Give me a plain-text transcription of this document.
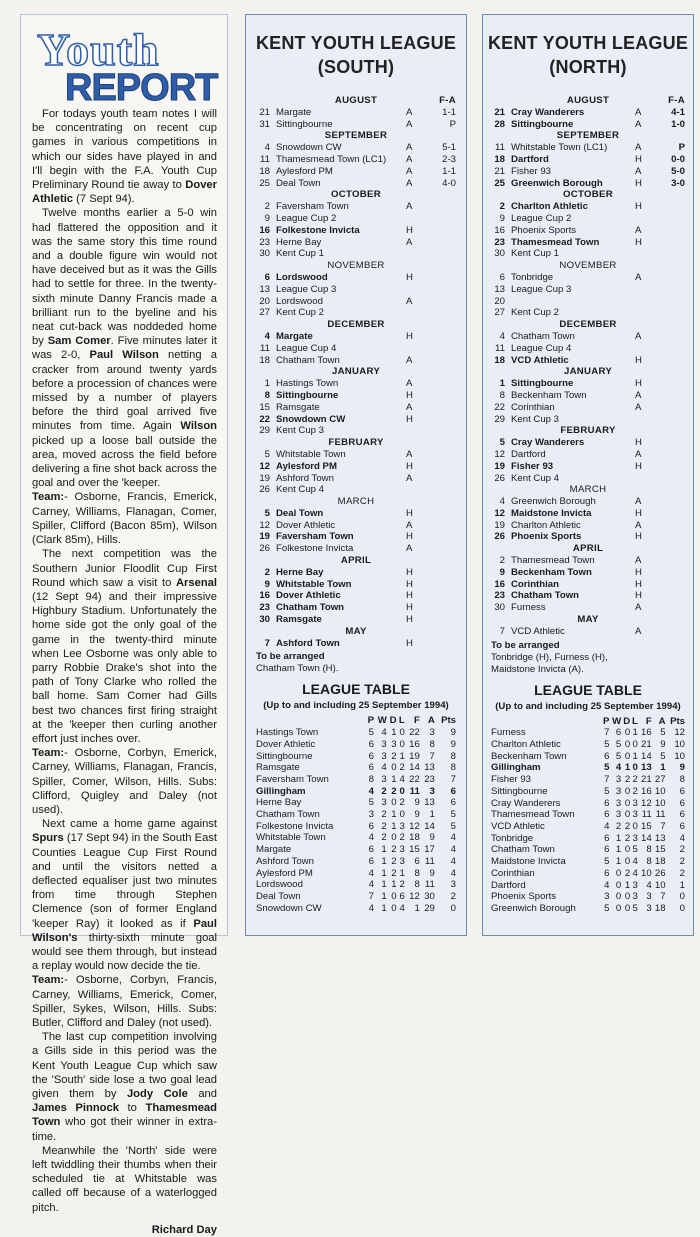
Youth
REPORT

For todays youth team notes I will be concentrating on recent cup games in various competitions in which our sides have played in and I'll begin with the F.A. Youth Cup Preliminary Round tie away to Dover Athletic (7 Sept 94).

Twelve months earlier a 5-0 win had flattered the opposition and it was the same story this time round and a double figure win would not have deceived but as it was the Gills had to settle for three. In the twenty-sixth minute Danny Francis made a brilliant run to the byeline and his neat cut-back was noddeded home by Sam Comer. Five minutes later it was 2-0, Paul Wilson netting a cracker from around twenty yards before a procession of chances were missed by a number of players before the third goal arrived five minutes from time. Again Wilson picked up a loose ball outside the area, moved across the field before delivering a fine shot back across the goal and over the 'keeper.

Team:- Osborne, Francis, Emerick, Carney, Williams, Flanagan, Comer, Spiller, Clifford (Bacon 85m), Wilson (Clark 85m), Hills.

The next competition was the Southern Junior Floodlit Cup First Round which saw a visit to Arsenal (12 Sept 94) and their impressive Highbury Stadium. Unfortunately the home side got the only goal of the game in the twenty-third minute when Lee Osborne was only able to parry Robbie Drake's shot into the path of Tony Clarke who rolled the ball home. Sam Comer had Gills best two chances first firing straight at the 'keeper then curling another effort just inches over.

Team:- Osborne, Corbyn, Emerick, Carney, Williams, Flanagan, Francis, Spiller, Comer, Wilson, Hills. Subs: Clifford, Quigley and Daley (not used).

Next came a home game against Spurs (17 Sept 94) in the South East Counties League Cup First Round and until the visitors netted a deflected equaliser just two minutes from time through Stephen Clemence (son of former England 'keeper Ray) it looked as if Paul Wilson's thirty-sixth minute goal would see them through, but instead a replay would now decide the tie.

Team:- Osborne, Corbyn, Francis, Carney, Williams, Emerick, Comer, Spiller, Sykes, Wilson, Hills. Subs: Butler, Clifford and Daley (not used).

The last cup competition involving a Gills side in this period was the Kent Youth League Cup which saw the 'South' side lose a two goal lead given them by Jody Cole and James Pinnock to Thamesmead Town who got their winner in extra-time.

Meanwhile the 'North' side were left twiddling their thumbs when their scheduled tie at Whitstable was called off because of a waterlogged pitch.

Richard Day

KENT YOUTH LEAGUE
(SOUTH)
AUGUST	F-A
21 Margate	A	1-1
31 Sittingbourne	A	P
SEPTEMBER
4 Snowdown CW	A	5-1
11 Thamesmead Town (LC1)	A	2-3
18 Aylesford PM	A	1-1
25 Deal Town	A	4-0
OCTOBER
2 Faversham Town	A
9 League Cup 2
16 Folkestone Invicta	H
23 Herne Bay	A
30 Kent Cup 1
NOVEMBER
6 Lordswood	H
13 League Cup 3
20 Lordswood	A
27 Kent Cup 2
DECEMBER
4 Margate	H
11 League Cup 4
18 Chatham Town	A
JANUARY
1 Hastings Town	A
8 Sittingbourne	H
15 Ramsgate	A
22 Snowdown CW	H
29 Kent Cup 3
FEBRUARY
5 Whitstable Town	A
12 Aylesford PM	H
19 Ashford Town	A
26 Kent Cup 4
MARCH
5 Deal Town	H
12 Dover Athletic	A
19 Faversham Town	H
26 Folkestone Invicta	A
APRIL
2 Herne Bay	H
9 Whitstable Town	H
16 Dover Athletic	H
23 Chatham Town	H
30 Ramsgate	H
MAY
7 Ashford Town	H
To be arranged
Chatham Town (H).
LEAGUE TABLE
(Up to and including 25 September 1994)
	P	W	D	L	F	A	Pts
Hastings Town	5	4	1	0	22	3	9
Dover Athletic	6	3	3	0	16	8	9
Sittingbourne	6	3	2	1	19	7	8
Ramsgate	6	4	0	2	14	13	8
Faversham Town	8	3	1	4	22	23	7
Gillingham	4	2	2	0	11	3	6
Herne Bay	5	3	0	2	9	13	6
Chatham Town	3	2	1	0	9	1	5
Folkestone Invicta	6	2	1	3	12	14	5
Whitstable Town	4	2	0	2	18	9	4
Margate	6	1	2	3	15	17	4
Ashford Town	6	1	2	3	6	11	4
Aylesford PM	4	1	2	1	8	9	4
Lordswood	4	1	1	2	8	11	3
Deal Town	7	1	0	6	12	30	2
Snowdown CW	4	1	0	4	1	29	0
KENT YOUTH LEAGUE
(NORTH)
AUGUST	F-A
21 Cray Wanderers	A	4-1
28 Sittingbourne	A	1-0
SEPTEMBER
11 Whitstable Town (LC1)	A	P
18 Dartford	H	0-0
21 Fisher 93	A	5-0
25 Greenwich Borough	H	3-0
OCTOBER
2 Charlton Athletic	H
9 League Cup 2
16 Phoenix Sports	A
23 Thamesmead Town	H
30 Kent Cup 1
NOVEMBER
6 Tonbridge	A
13 League Cup 3
20
27 Kent Cup 2
DECEMBER
4 Chatham Town	A
11 League Cup 4
18 VCD Athletic	H
JANUARY
1 Sittingbourne	H
8 Beckenham Town	A
22 Corinthian	A
29 Kent Cup 3
FEBRUARY
5 Cray Wanderers	H
12 Dartford	A
19 Fisher 93	H
26 Kent Cup 4
MARCH
4 Greenwich Borough	A
12 Maidstone Invicta	H
19 Charlton Athletic	A
26 Phoenix Sports	H
APRIL
2 Thamesmead Town	A
9 Beckenham Town	H
16 Corinthian	H
23 Chatham Town	H
30 Furness	A
MAY
7 VCD Athletic	A
To be arranged
Tonbridge (H), Furness (H),
Maidstone Invicta (A).
LEAGUE TABLE
(Up to and including 25 September 1994)
	P	W	D	L	F	A	Pts
Furness	7	6	0	1	16	5	12
Charlton Athletic	5	5	0	0	21	9	10
Beckenham Town	6	5	0	1	14	5	10
Gillingham	5	4	1	0	13	1	9
Fisher 93	7	3	2	2	21	27	8
Sittingbourne	5	3	0	2	16	10	6
Cray Wanderers	6	3	0	3	12	10	6
Thamesmead Town	6	3	0	3	11	11	6
VCD Athletic	4	2	2	0	15	7	6
Tonbridge	6	1	2	3	14	13	4
Chatham Town	6	1	0	5	8	15	2
Maidstone Invicta	5	1	0	4	8	18	2
Corinthian	6	0	2	4	10	26	2
Dartford	4	0	1	3	4	10	1
Phoenix Sports	3	0	0	3	3	7	0
Greenwich Borough	5	0	0	5	3	18	0
